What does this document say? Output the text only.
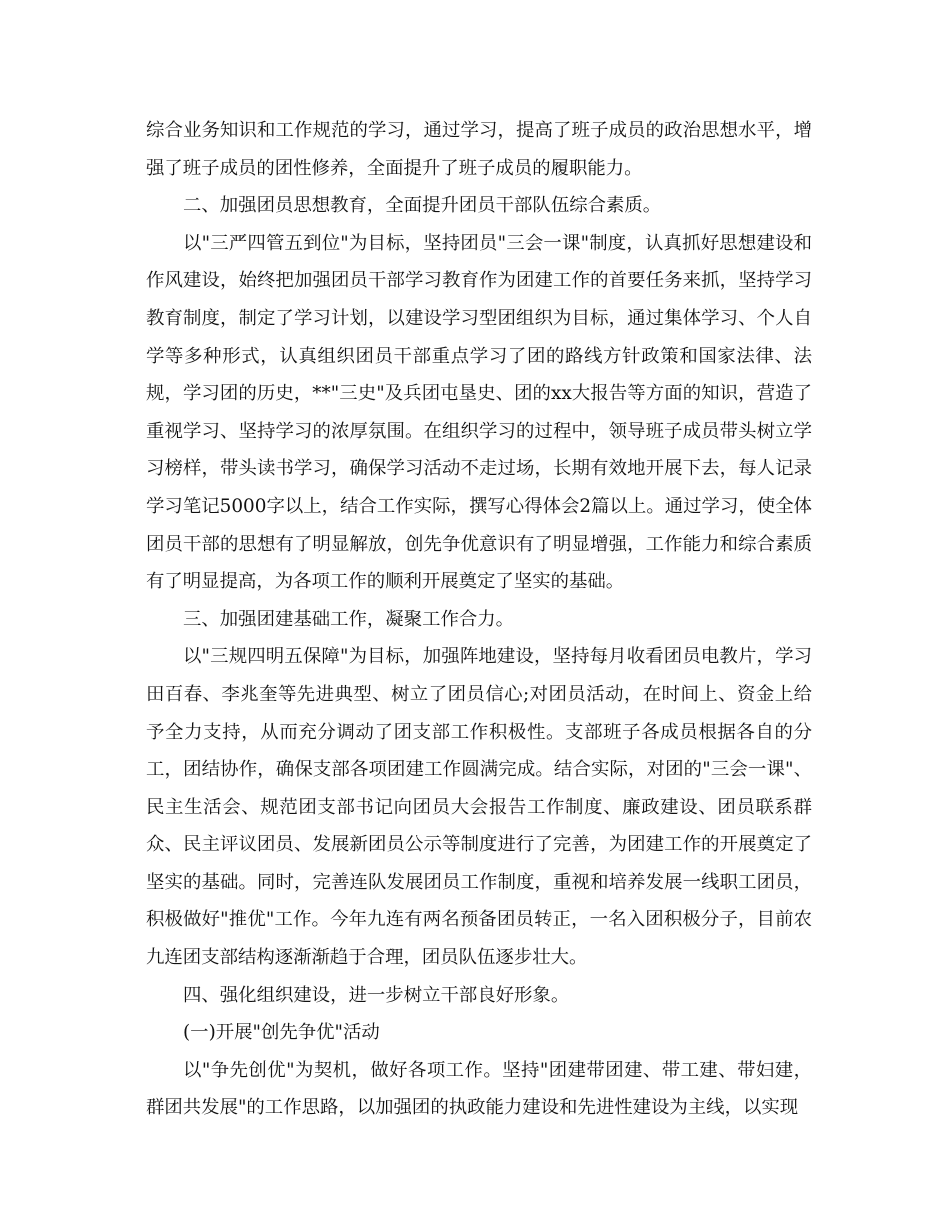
综合业务知识和工作规范的学习，通过学习，提高了班子成员的政治思想水平，增强了班子成员的团性修养，全面提升了班子成员的履职能力。

二、加强团员思想教育，全面提升团员干部队伍综合素质。

以"三严四管五到位"为目标，坚持团员"三会一课"制度，认真抓好思想建设和作风建设，始终把加强团员干部学习教育作为团建工作的首要任务来抓，坚持学习教育制度，制定了学习计划，以建设学习型团组织为目标，通过集体学习、个人自学等多种形式，认真组织团员干部重点学习了团的路线方针政策和国家法律、法规，学习团的历史，**"三史"及兵团屯垦史、团的xx大报告等方面的知识，营造了重视学习、坚持学习的浓厚氛围。在组织学习的过程中，领导班子成员带头树立学习榜样，带头读书学习，确保学习活动不走过场，长期有效地开展下去，每人记录学习笔记5000字以上，结合工作实际，撰写心得体会2篇以上。通过学习，使全体团员干部的思想有了明显解放，创先争优意识有了明显增强，工作能力和综合素质有了明显提高，为各项工作的顺利开展奠定了坚实的基础。

三、加强团建基础工作，凝聚工作合力。

以"三规四明五保障"为目标，加强阵地建设，坚持每月收看团员电教片，学习田百春、李兆奎等先进典型、树立了团员信心;对团员活动，在时间上、资金上给予全力支持，从而充分调动了团支部工作积极性。支部班子各成员根据各自的分工，团结协作，确保支部各项团建工作圆满完成。结合实际，对团的"三会一课"、民主生活会、规范团支部书记向团员大会报告工作制度、廉政建设、团员联系群众、民主评议团员、发展新团员公示等制度进行了完善，为团建工作的开展奠定了坚实的基础。同时，完善连队发展团员工作制度，重视和培养发展一线职工团员，积极做好"推优"工作。今年九连有两名预备团员转正，一名入团积极分子，目前农九连团支部结构逐渐渐趋于合理，团员队伍逐步壮大。

四、强化组织建设，进一步树立干部良好形象。

(一)开展"创先争优"活动

以"争先创优"为契机，做好各项工作。坚持"团建带团建、带工建、带妇建，群团共发展"的工作思路，以加强团的执政能力建设和先进性建设为主线，以实现
